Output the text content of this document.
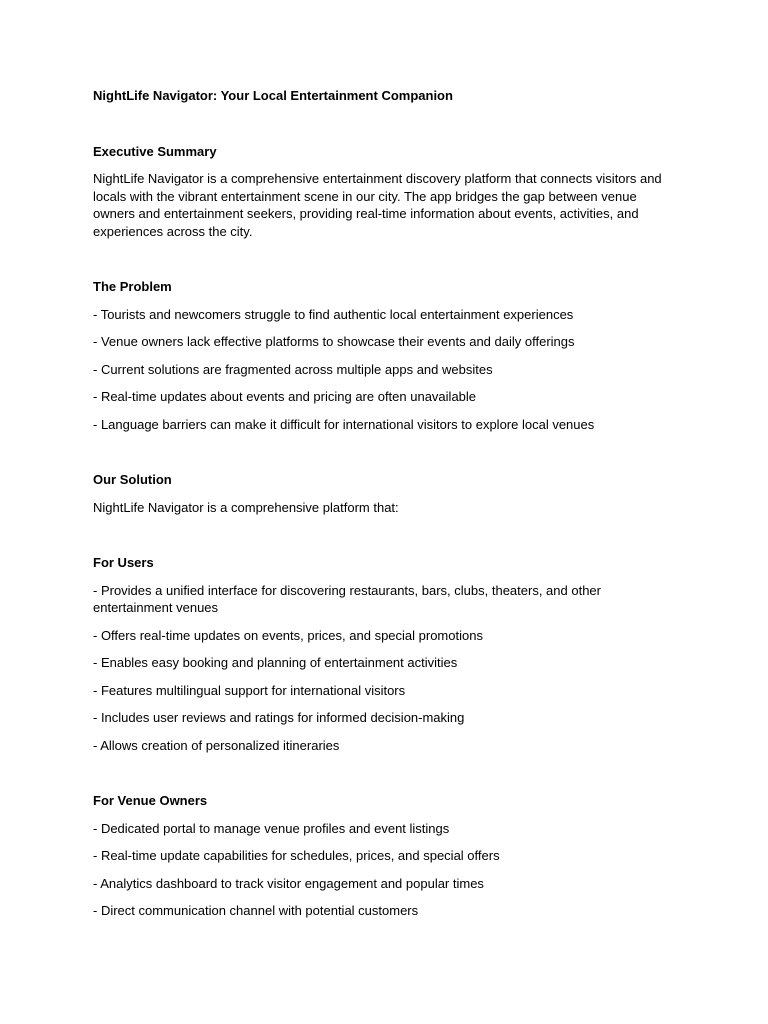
NightLife Navigator: Your Local Entertainment Companion

Executive Summary

NightLife Navigator is a comprehensive entertainment discovery platform that connects visitors and locals with the vibrant entertainment scene in our city. The app bridges the gap between venue owners and entertainment seekers, providing real-time information about events, activities, and experiences across the city.

The Problem

- Tourists and newcomers struggle to find authentic local entertainment experiences

- Venue owners lack effective platforms to showcase their events and daily offerings

- Current solutions are fragmented across multiple apps and websites

- Real-time updates about events and pricing are often unavailable

- Language barriers can make it difficult for international visitors to explore local venues

Our Solution

NightLife Navigator is a comprehensive platform that:

For Users

- Provides a unified interface for discovering restaurants, bars, clubs, theaters, and other entertainment venues

- Offers real-time updates on events, prices, and special promotions

- Enables easy booking and planning of entertainment activities

- Features multilingual support for international visitors

- Includes user reviews and ratings for informed decision-making

- Allows creation of personalized itineraries

For Venue Owners

- Dedicated portal to manage venue profiles and event listings

- Real-time update capabilities for schedules, prices, and special offers

- Analytics dashboard to track visitor engagement and popular times

- Direct communication channel with potential customers
